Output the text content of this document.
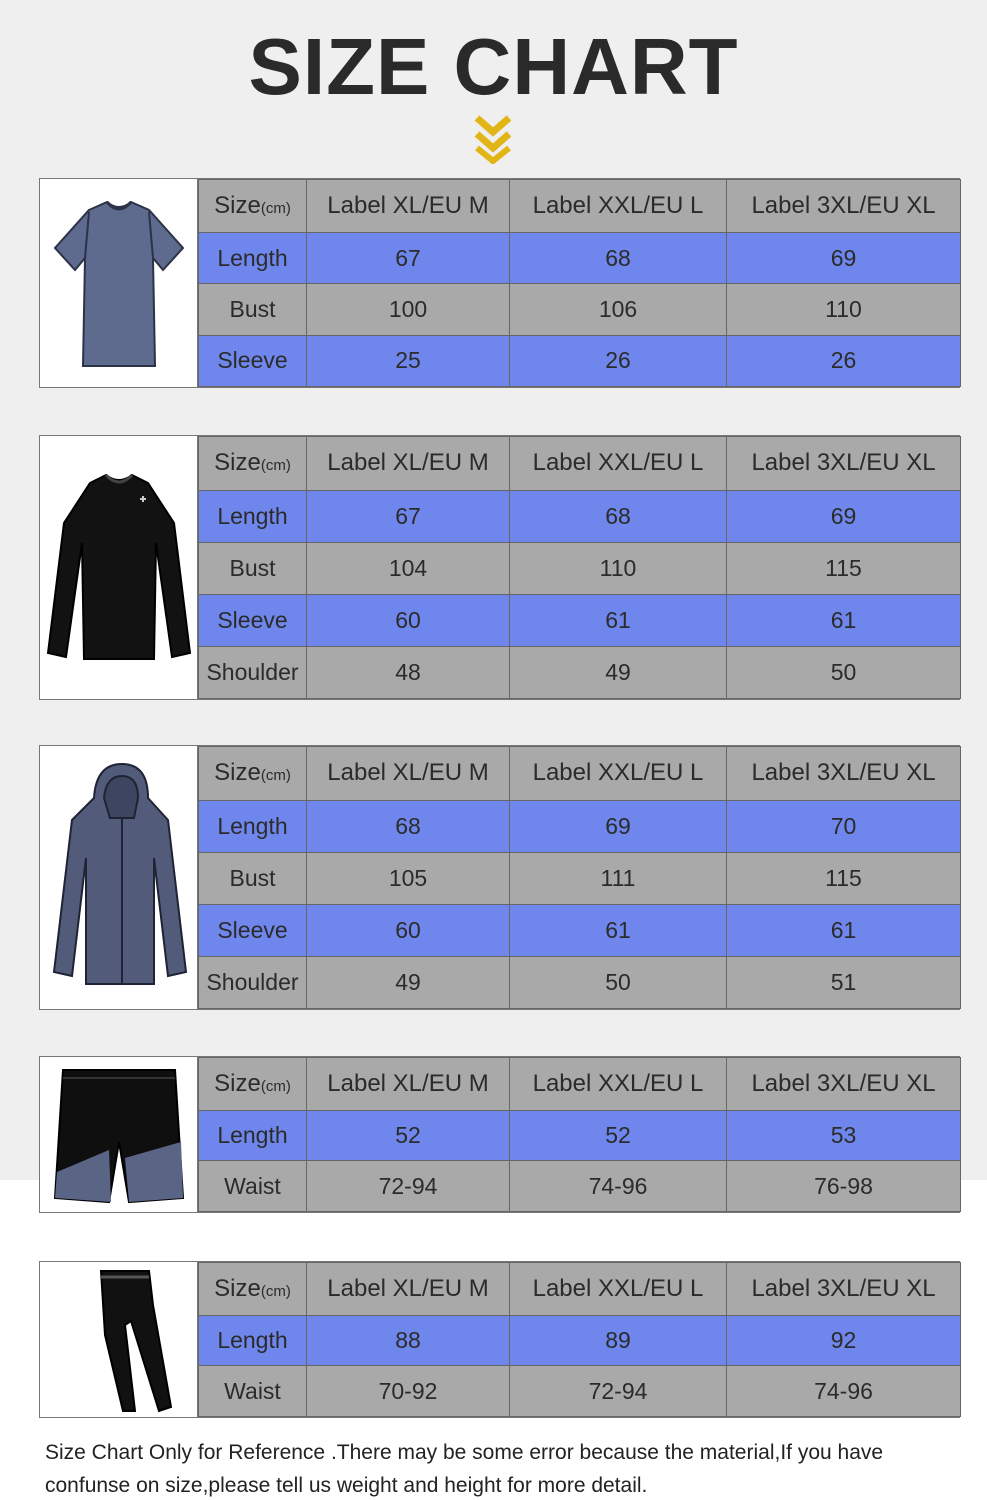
SIZE CHART
Size(cm)	Label XL/EU M	Label XXL/EU L	Label 3XL/EU XL
Length	67	68	69
Bust	100	106	110
Sleeve	25	26	26
Size(cm)	Label XL/EU M	Label XXL/EU L	Label 3XL/EU XL
Length	67	68	69
Bust	104	110	115
Sleeve	60	61	61
Shoulder	48	49	50
Size(cm)	Label XL/EU M	Label XXL/EU L	Label 3XL/EU XL
Length	68	69	70
Bust	105	111	115
Sleeve	60	61	61
Shoulder	49	50	51
Size(cm)	Label XL/EU M	Label XXL/EU L	Label 3XL/EU XL
Length	52	52	53
Waist	72-94	74-96	76-98
Size(cm)	Label XL/EU M	Label XXL/EU L	Label 3XL/EU XL
Length	88	89	92
Waist	70-92	72-94	74-96
Size Chart Only for Reference .There may be some error because the material,If you have confunse on size,please tell us weight and height for more detail.
